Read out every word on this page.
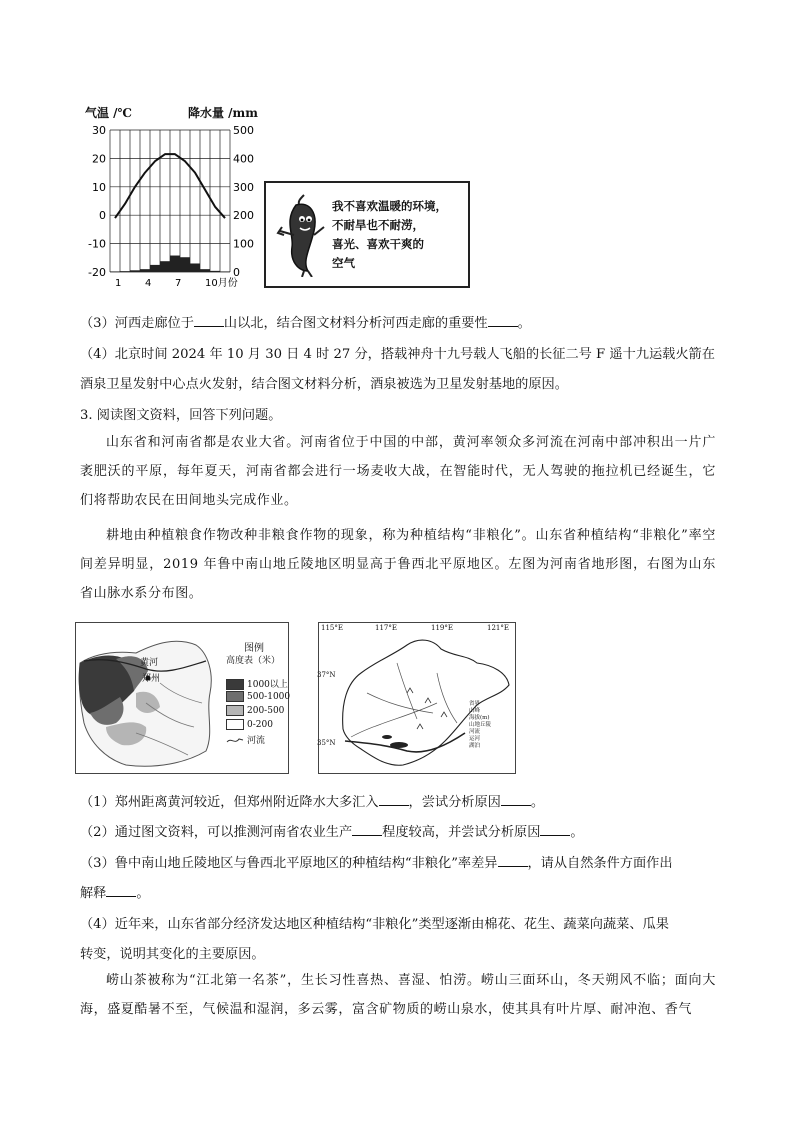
气温 /℃	降水量 /mm
30
20
10
0
-10
-20
500
400
300
200
100
0
1 4 7 10月份
我不喜欢温暖的环境，
不耐旱也不耐涝，
喜光、喜欢干爽的
空气
（3）河西走廊位于 山以北，结合图文材料分析河西走廊的重要性 。
（4）北京时间 2024 年 10 月 30 日 4 时 27 分，搭载神舟十九号载人飞船的长征二号 F 遥十九运载火箭在
酒泉卫星发射中心点火发射，结合图文材料分析，酒泉被选为卫星发射基地的原因。
3. 阅读图文资料，回答下列问题。
山东省和河南省都是农业大省。河南省位于中国的中部，黄河率领众多河流在河南中部冲积出一片广袤肥沃的平原，每年夏天，河南省都会进行一场麦收大战，在智能时代，无人驾驶的拖拉机已经诞生，它们将帮助农民在田间地头完成作业。
耕地由种植粮食作物改种非粮食作物的现象，称为种植结构“非粮化”。山东省种植结构“非粮化”率空间差异明显，2019 年鲁中南山地丘陵地区明显高于鲁西北平原地区。左图为河南省地形图，右图为山东省山脉水系分布图。
黄河
郑州
图例
高度表（米）
1000以上
500-1000
200-500
0-200
河流
115°E	117°E	119°E	121°E
37°N
35°N
省界
山峰
海拔(m)
山地丘陵
河流
运河
湖泊
（1）郑州距离黄河较近，但郑州附近降水大多汇入 ，尝试分析原因 。
（2）通过图文资料，可以推测河南省农业生产 程度较高，并尝试分析原因 。
（3）鲁中南山地丘陵地区与鲁西北平原地区的种植结构“非粮化”率差异 ，请从自然条件方面作出
解释 。
（4）近年来，山东省部分经济发达地区种植结构“非粮化”类型逐渐由棉花、花生、蔬菜向蔬菜、瓜果
转变，说明其变化的主要原因。
崂山茶被称为“江北第一名茶”，生长习性喜热、喜湿、怕涝。崂山三面环山，冬天朔风不临；面向大海，盛夏酷暑不至，气候温和湿润，多云雾，富含矿物质的崂山泉水，使其具有叶片厚、耐冲泡、香气
